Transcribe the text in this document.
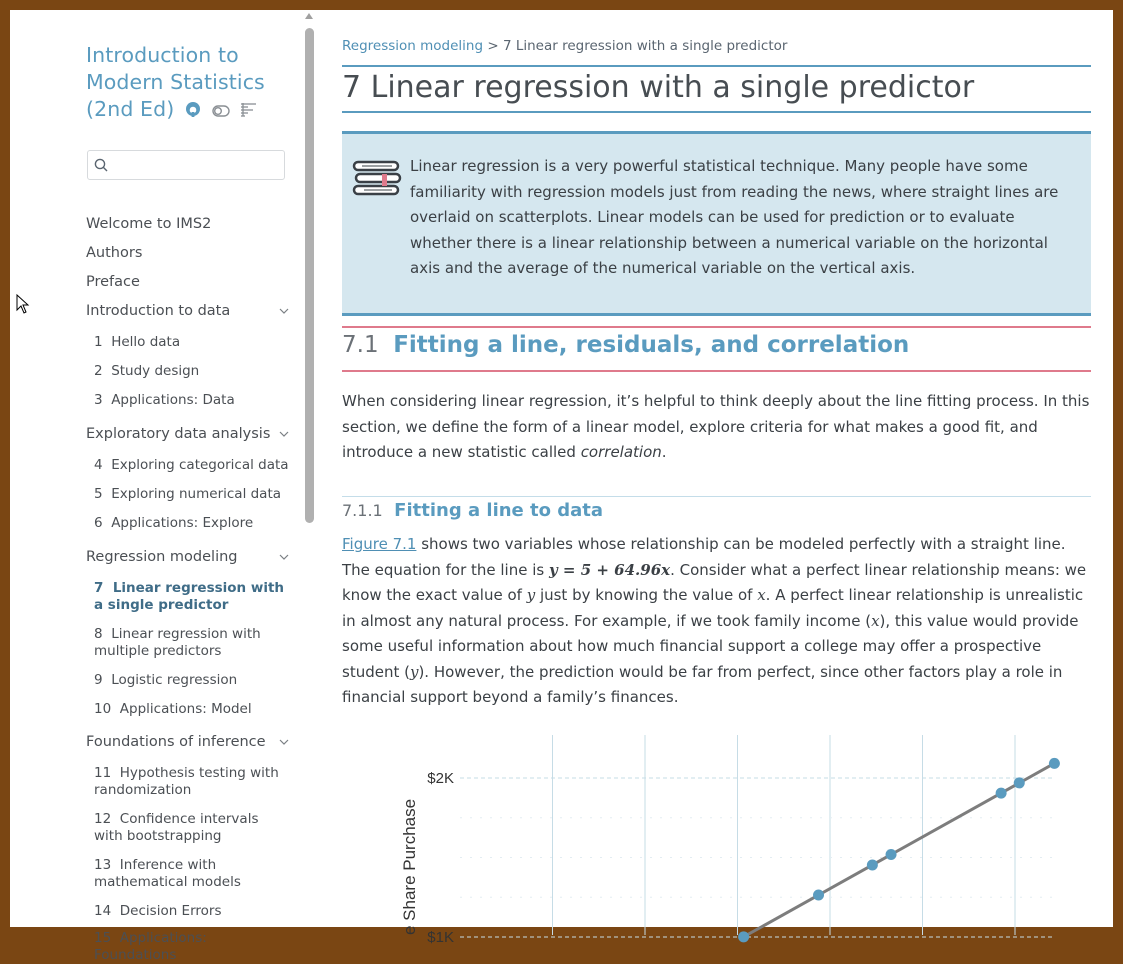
Introduction to Modern Statistics (2nd Ed)
Welcome to IMS2
Authors
Preface
Introduction to data
1 Hello data
2 Study design
3 Applications: Data
Exploratory data analysis
4 Exploring categorical data
5 Exploring numerical data
6 Applications: Explore
Regression modeling
7 Linear regression with a single predictor
8 Linear regression with multiple predictors
9 Logistic regression
10 Applications: Model
Foundations of inference
11 Hypothesis testing with randomization
12 Confidence intervals with bootstrapping
13 Inference with mathematical models
14 Decision Errors
15 Applications: Foundations
Regression modeling > 7 Linear regression with a single predictor
7 Linear regression with a single predictor
Linear regression is a very powerful statistical technique. Many people have some familiarity with regression models just from reading the news, where straight lines are overlaid on scatterplots. Linear models can be used for prediction or to evaluate whether there is a linear relationship between a numerical variable on the horizontal axis and the average of the numerical variable on the vertical axis.
7.1 Fitting a line, residuals, and correlation
When considering linear regression, it’s helpful to think deeply about the line fitting process. In this section, we define the form of a linear model, explore criteria for what makes a good fit, and introduce a new statistic called correlation.
7.1.1 Fitting a line to data
Figure 7.1 shows two variables whose relationship can be modeled perfectly with a straight line. The equation for the line is y = 5 + 64.96x. Consider what a perfect linear relationship means: we know the exact value of y just by knowing the value of x. A perfect linear relationship is unrealistic in almost any natural process. For example, if we took family income (x), this value would provide some useful information about how much financial support a college may offer a prospective student (y). However, the prediction would be far from perfect, since other factors play a role in financial support beyond a family’s finances.
$1K
$2K
e Share Purchase
